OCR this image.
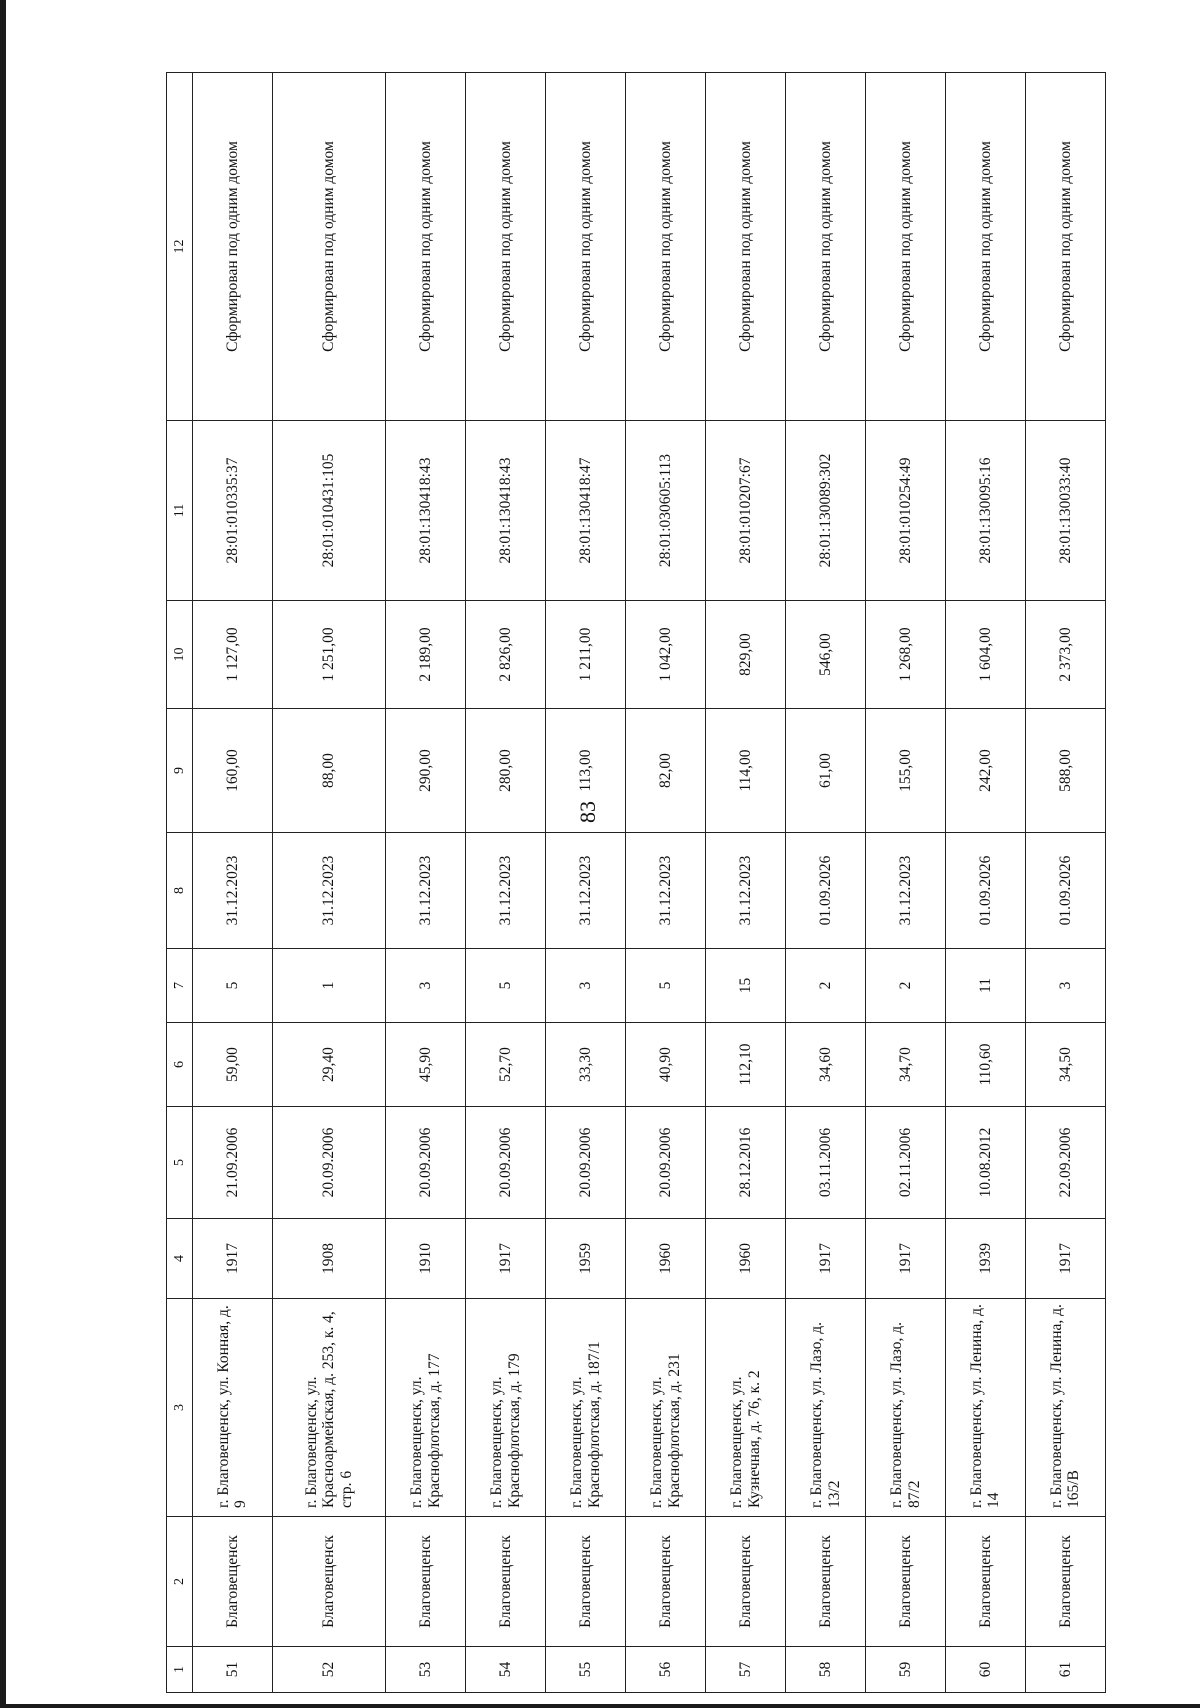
83
1	2	3	4	5	6	7	8	9	10	11	12
51	Благовещенск	г. Благовещенск, ул. Конная, д. 9	1917	21.09.2006	59,00	5	31.12.2023	160,00	1 127,00	28:01:010335:37	Сформирован под одним домом
52	Благовещенск	г. Благовещенск, ул. Красноармейская, д. 253, к. 4, стр. 6	1908	20.09.2006	29,40	1	31.12.2023	88,00	1 251,00	28:01:010431:105	Сформирован под одним домом
53	Благовещенск	г. Благовещенск, ул. Краснофлотская, д. 177	1910	20.09.2006	45,90	3	31.12.2023	290,00	2 189,00	28:01:130418:43	Сформирован под одним домом
54	Благовещенск	г. Благовещенск, ул. Краснофлотская, д. 179	1917	20.09.2006	52,70	5	31.12.2023	280,00	2 826,00	28:01:130418:43	Сформирован под одним домом
55	Благовещенск	г. Благовещенск, ул. Краснофлотская, д. 187/1	1959	20.09.2006	33,30	3	31.12.2023	113,00	1 211,00	28:01:130418:47	Сформирован под одним домом
56	Благовещенск	г. Благовещенск, ул. Краснофлотская, д. 231	1960	20.09.2006	40,90	5	31.12.2023	82,00	1 042,00	28:01:030605:113	Сформирован под одним домом
57	Благовещенск	г. Благовещенск, ул. Кузнечная, д. 76, к. 2	1960	28.12.2016	112,10	15	31.12.2023	114,00	829,00	28:01:010207:67	Сформирован под одним домом
58	Благовещенск	г. Благовещенск, ул. Лазо, д. 13/2	1917	03.11.2006	34,60	2	01.09.2026	61,00	546,00	28:01:130089:302	Сформирован под одним домом
59	Благовещенск	г. Благовещенск, ул. Лазо, д. 87/2	1917	02.11.2006	34,70	2	31.12.2023	155,00	1 268,00	28:01:010254:49	Сформирован под одним домом
60	Благовещенск	г. Благовещенск, ул. Ленина, д. 14	1939	10.08.2012	110,60	11	01.09.2026	242,00	1 604,00	28:01:130095:16	Сформирован под одним домом
61	Благовещенск	г. Благовещенск, ул. Ленина, д. 165/В	1917	22.09.2006	34,50	3	01.09.2026	588,00	2 373,00	28:01:130033:40	Сформирован под одним домом
